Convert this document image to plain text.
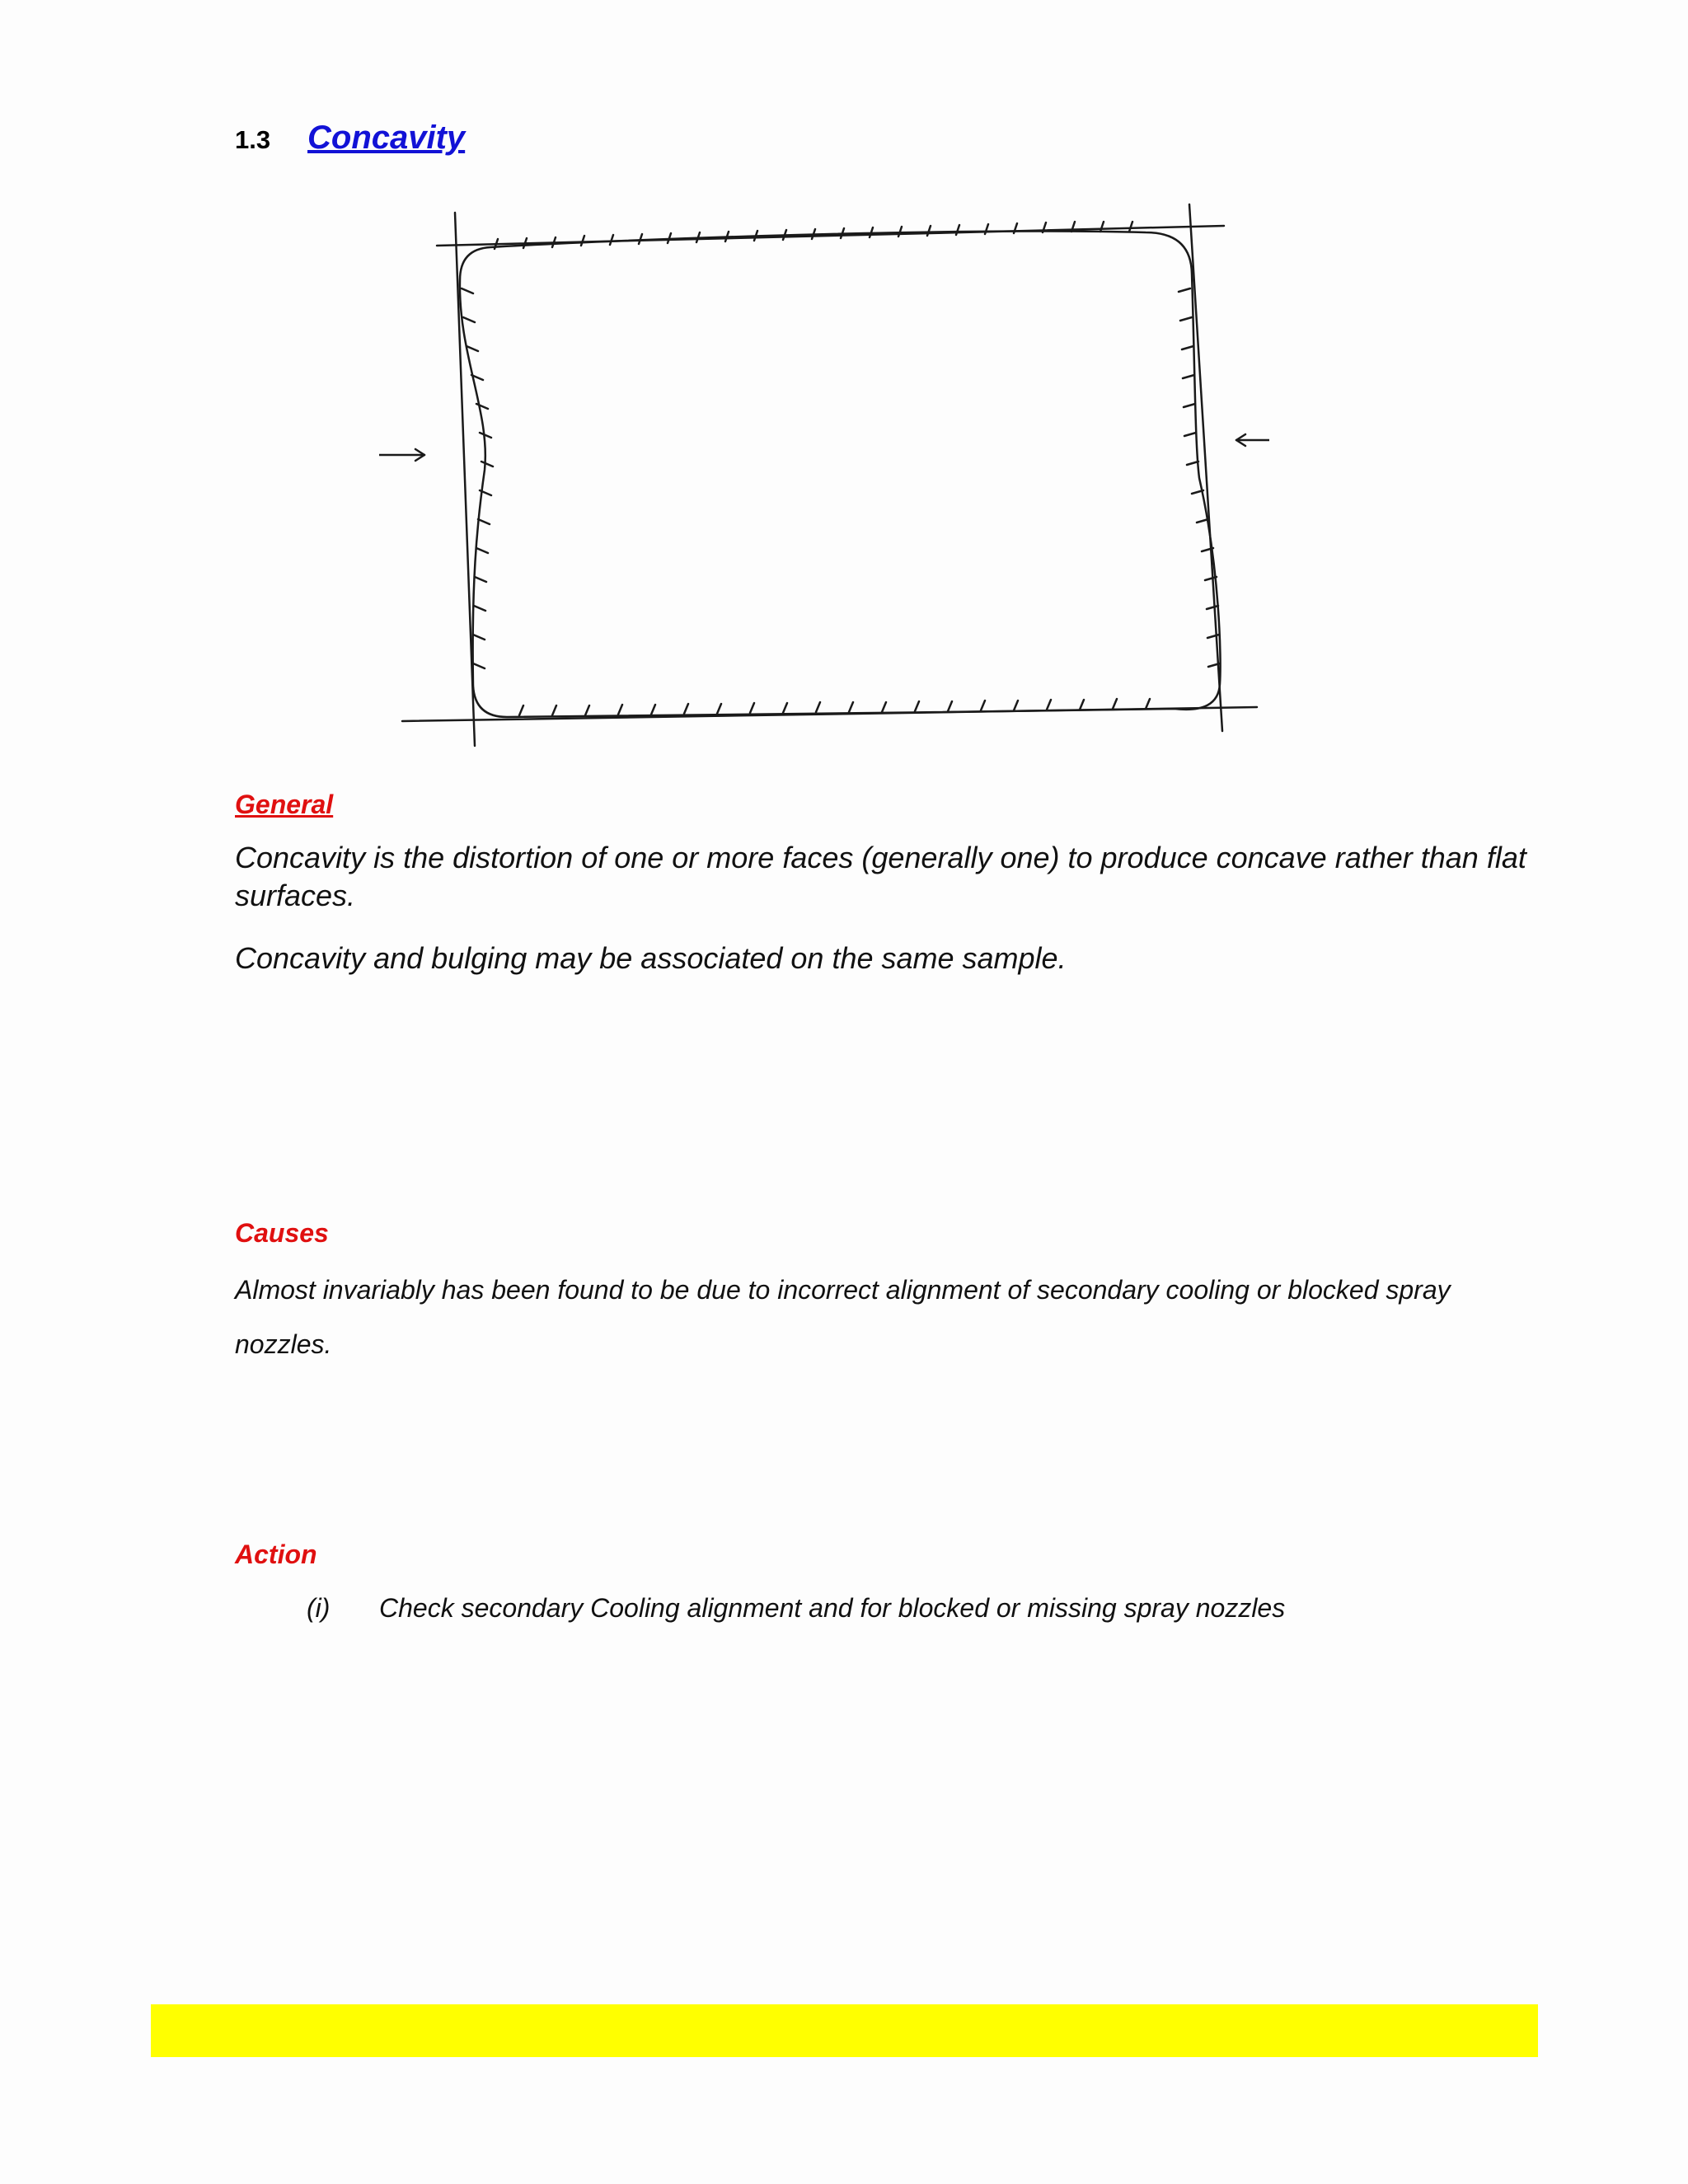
1.3	Concavity
General
Concavity is the distortion of one or more faces (generally one) to produce concave rather than flat surfaces.
Concavity and bulging may be associated on the same sample.
Causes
Almost invariably has been found to be due to incorrect alignment of secondary cooling or blocked spray nozzles.
Action
(i)	Check secondary Cooling alignment and for blocked or missing spray nozzles
